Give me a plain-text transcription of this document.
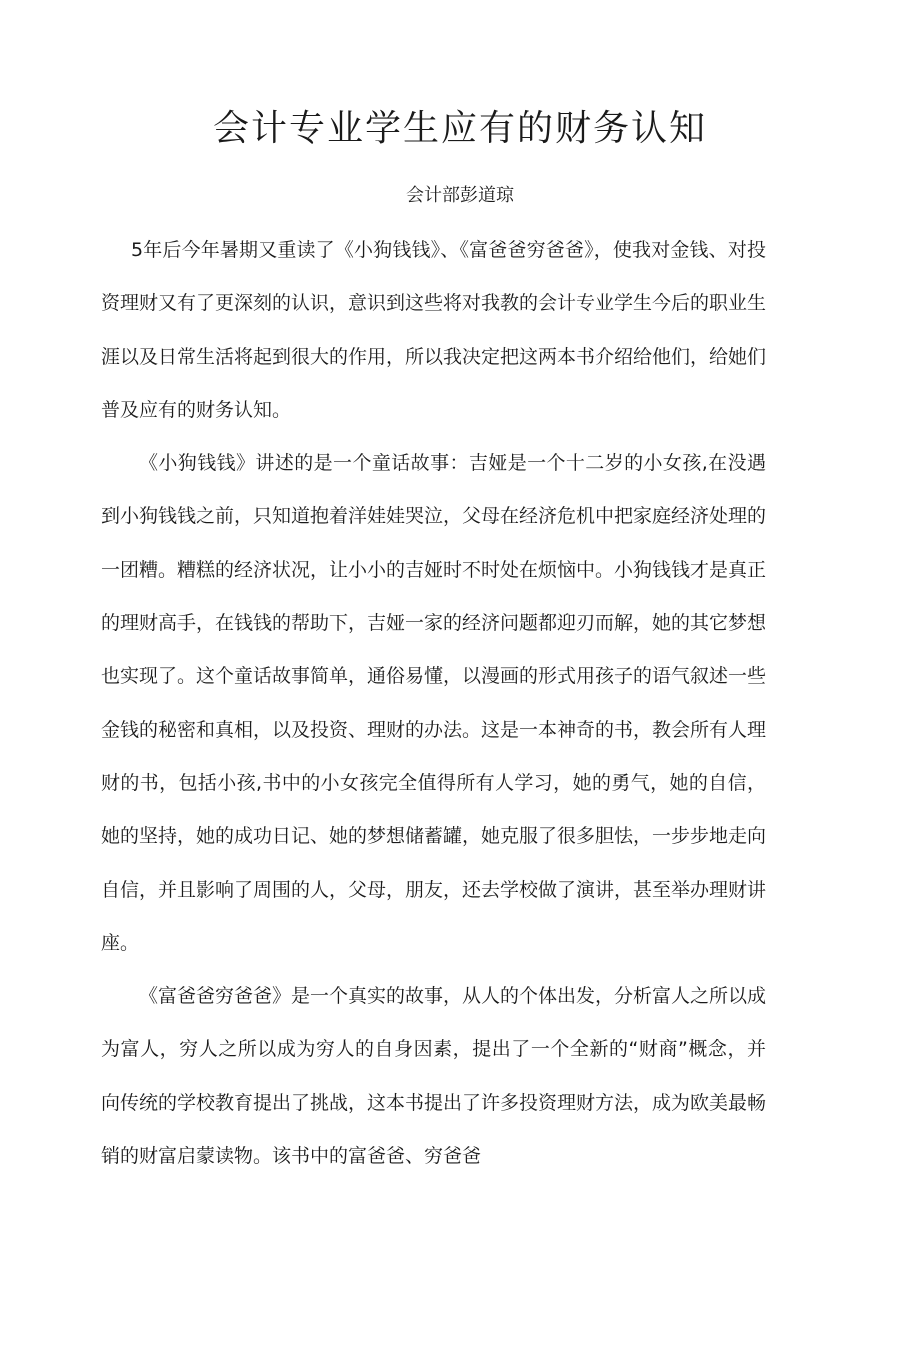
会计专业学生应有的财务认知
会计部彭道琼

5年后今年暑期又重读了《小狗钱钱》、《富爸爸穷爸爸》，使我对金钱、对投资理财又有了更深刻的认识，意识到这些将对我教的会计专业学生今后的职业生涯以及日常生活将起到很大的作用，所以我决定把这两本书介绍给他们，给她们普及应有的财务认知。

《小狗钱钱》讲述的是一个童话故事：吉娅是一个十二岁的小女孩,在没遇到小狗钱钱之前，只知道抱着洋娃娃哭泣，父母在经济危机中把家庭经济处理的一团糟。糟糕的经济状况，让小小的吉娅时不时处在烦恼中。小狗钱钱才是真正的理财高手，在钱钱的帮助下，吉娅一家的经济问题都迎刃而解，她的其它梦想也实现了。这个童话故事简单，通俗易懂，以漫画的形式用孩子的语气叙述一些金钱的秘密和真相，以及投资、理财的办法。这是一本神奇的书，教会所有人理财的书，包括小孩,书中的小女孩完全值得所有人学习，她的勇气，她的自信，她的坚持，她的成功日记、她的梦想储蓄罐，她克服了很多胆怯，一步步地走向自信，并且影响了周围的人，父母，朋友，还去学校做了演讲，甚至举办理财讲座。

《富爸爸穷爸爸》是一个真实的故事，从人的个体出发，分析富人之所以成为富人，穷人之所以成为穷人的自身因素，提出了一个全新的“财商”概念，并向传统的学校教育提出了挑战，这本书提出了许多投资理财方法，成为欧美最畅销的财富启蒙读物。该书中的富爸爸、穷爸爸
